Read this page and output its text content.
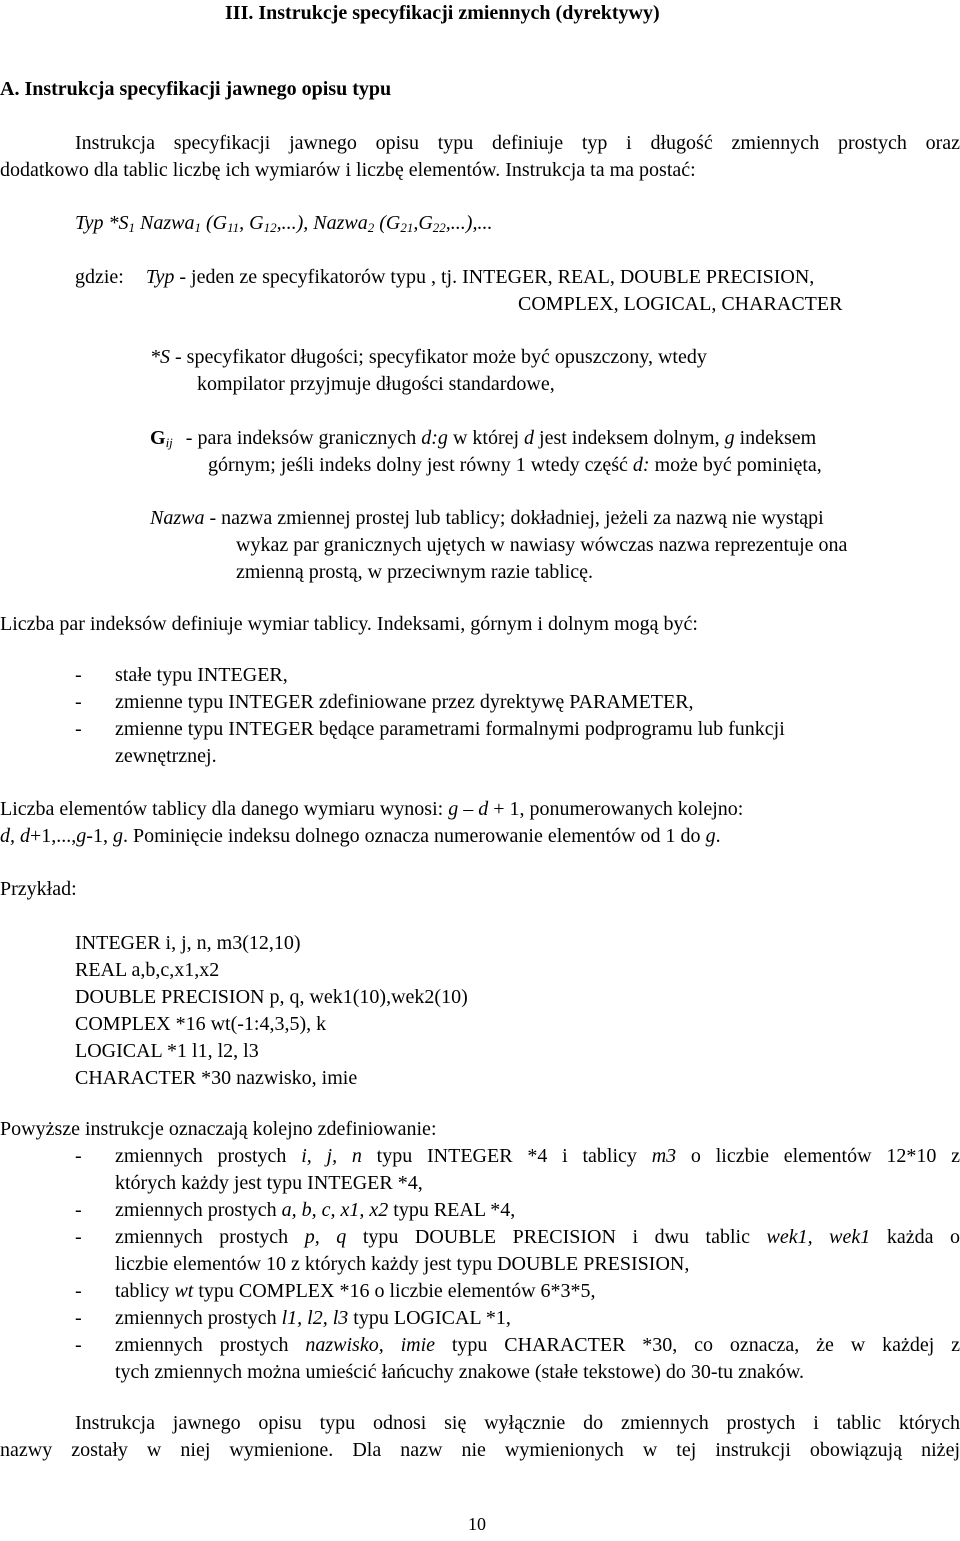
III. Instrukcje specyfikacji zmiennych (dyrektywy)
A. Instrukcja specyfikacji jawnego opisu typu
Instrukcja specyfikacji jawnego opisu typu definiuje typ i długość zmiennych prostych oraz
dodatkowo dla tablic liczbę ich wymiarów i liczbę elementów. Instrukcja ta ma postać:
Typ $*S_1$ Nazwa$_1$ ($G_{11}$, $G_{12}$,...), Nazwa$_2$ $(G_{21},G_{22},...)$,...
gdzie: Typ - jeden ze specyfikatorów typu , tj. INTEGER, REAL, DOUBLE PRECISION,
COMPLEX, LOGICAL, CHARACTER
*S - specyfikator długości; specyfikator może być opuszczony, wtedy
kompilator przyjmuje długości standardowe,
$G_{ij}$ - para indeksów granicznych d:g w której d jest indeksem dolnym, g indeksem
górnym; jeśli indeks dolny jest równy 1 wtedy część d: może być pominięta,
Nazwa - nazwa zmiennej prostej lub tablicy; dokładniej, jeżeli za nazwą nie wystąpi
wykaz par granicznych ujętych w nawiasy wówczas nazwa reprezentuje ona
zmienną prostą, w przeciwnym razie tablicę.
Liczba par indeksów definiuje wymiar tablicy. Indeksami, górnym i dolnym mogą być:
- stałe typu INTEGER,
- zmienne typu INTEGER zdefiniowane przez dyrektywę PARAMETER,
- zmienne typu INTEGER będące parametrami formalnymi podprogramu lub funkcji
zewnętrznej.
Liczba elementów tablicy dla danego wymiaru wynosi: g – d + 1, ponumerowanych kolejno:
d, d+1,...,g-1, g. Pominięcie indeksu dolnego oznacza numerowanie elementów od 1 do g.
Przykład:
INTEGER i, j, n, m3(12,10)
REAL a,b,c,x1,x2
DOUBLE PRECISION p, q, wek1(10),wek2(10)
COMPLEX *16 wt(-1:4,3,5), k
LOGICAL *1 l1, l2, l3
CHARACTER *30 nazwisko, imie
Powyższe instrukcje oznaczają kolejno zdefiniowanie:
- zmiennych prostych i, j, n typu INTEGER *4 i tablicy m3 o liczbie elementów 12*10 z
których każdy jest typu INTEGER *4,
- zmiennych prostych a, b, c, x1, x2 typu REAL *4,
- zmiennych prostych p, q typu DOUBLE PRECISION i dwu tablic wek1, wek1 każda o
liczbie elementów 10 z których każdy jest typu DOUBLE PRESISION,
- tablicy wt typu COMPLEX *16 o liczbie elementów 6*3*5,
- zmiennych prostych l1, l2, l3 typu LOGICAL *1,
- zmiennych prostych nazwisko, imie typu CHARACTER *30, co oznacza, że w każdej z
tych zmiennych można umieścić łańcuchy znakowe (stałe tekstowe) do 30-tu znaków.
Instrukcja jawnego opisu typu odnosi się wyłącznie do zmiennych prostych i tablic których
nazwy zostały w niej wymienione. Dla nazw nie wymienionych w tej instrukcji obowiązują niżej
10
